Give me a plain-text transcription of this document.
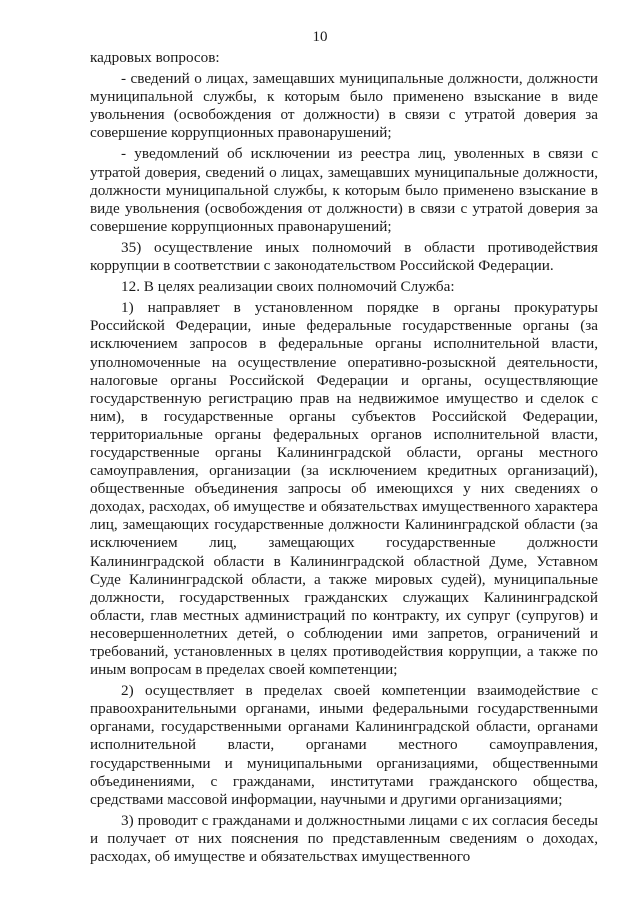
10

кадровых вопросов:

- сведений о лицах, замещавших муниципальные должности, должности муниципальной службы, к которым было применено взыскание в виде увольнения (освобождения от должности) в связи с утратой доверия за совершение коррупционных правонарушений;

- уведомлений об исключении из реестра лиц, уволенных в связи с утратой доверия, сведений о лицах, замещавших муниципальные должности, должности муниципальной службы, к которым было применено взыскание в виде увольнения (освобождения от должности) в связи с утратой доверия за совершение коррупционных правонарушений;

35) осуществление иных полномочий в области противодействия коррупции в соответствии с законодательством Российской Федерации.

12. В целях реализации своих полномочий Служба:

1) направляет в установленном порядке в органы прокуратуры Российской Федерации, иные федеральные государственные органы (за исключением запросов в федеральные органы исполнительной власти, уполномоченные на осуществление оперативно-розыскной деятельности, налоговые органы Российской Федерации и органы, осуществляющие государственную регистрацию прав на недвижимое имущество и сделок с ним), в государственные органы субъектов Российской Федерации, территориальные органы федеральных органов исполнительной власти, государственные органы Калининградской области, органы местного самоуправления, организации (за исключением кредитных организаций), общественные объединения запросы об имеющихся у них сведениях о доходах, расходах, об имуществе и обязательствах имущественного характера лиц, замещающих государственные должности Калининградской области (за исключением лиц, замещающих государственные должности Калининградской области в Калининградской областной Думе, Уставном Суде Калининградской области, а также мировых судей), муниципальные должности, государственных гражданских служащих Калининградской области, глав местных администраций по контракту, их супруг (супругов) и несовершеннолетних детей, о соблюдении ими запретов, ограничений и требований, установленных в целях противодействия коррупции, а также по иным вопросам в пределах своей компетенции;

2) осуществляет в пределах своей компетенции взаимодействие с правоохранительными органами, иными федеральными государственными органами, государственными органами Калининградской области, органами исполнительной власти, органами местного самоуправления, государственными и муниципальными организациями, общественными объединениями, с гражданами, институтами гражданского общества, средствами массовой информации, научными и другими организациями;

3) проводит с гражданами и должностными лицами с их согласия беседы и получает от них пояснения по представленным сведениям о доходах, расходах, об имуществе и обязательствах имущественного
